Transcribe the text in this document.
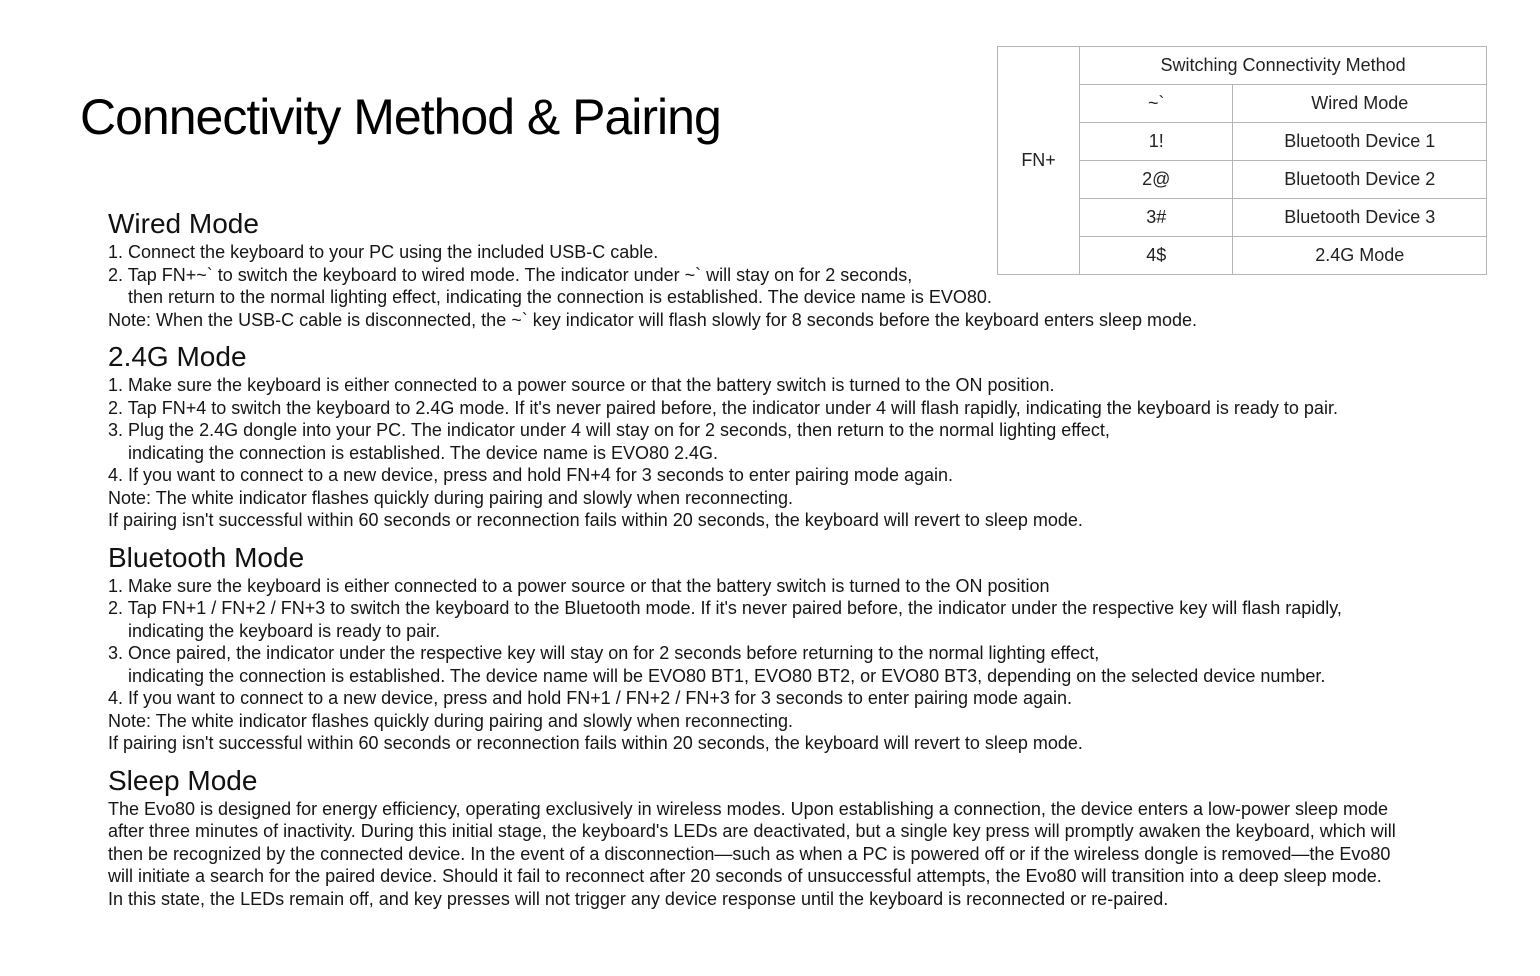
Connectivity Method & Pairing
FN+	Switching Connectivity Method	
	~`	Wired Mode
	1!	Bluetooth Device 1
	2@	Bluetooth Device 2
	3#	Bluetooth Device 3
	4$	2.4G Mode
Wired Mode

1. Connect the keyboard to your PC using the included USB-C cable.

2. Tap FN+~` to switch the keyboard to wired mode. The indicator under ~` will stay on for 2 seconds,

then return to the normal lighting effect, indicating the connection is established. The device name is EVO80.

Note: When the USB-C cable is disconnected, the ~` key indicator will flash slowly for 8 seconds before the keyboard enters sleep mode.

2.4G Mode

1. Make sure the keyboard is either connected to a power source or that the battery switch is turned to the ON position.

2. Tap FN+4 to switch the keyboard to 2.4G mode. If it's never paired before, the indicator under 4 will flash rapidly, indicating the keyboard is ready to pair.

3. Plug the 2.4G dongle into your PC. The indicator under 4 will stay on for 2 seconds, then return to the normal lighting effect,

indicating the connection is established. The device name is EVO80 2.4G.

4. If you want to connect to a new device, press and hold FN+4 for 3 seconds to enter pairing mode again.

Note: The white indicator flashes quickly during pairing and slowly when reconnecting.

If pairing isn't successful within 60 seconds or reconnection fails within 20 seconds, the keyboard will revert to sleep mode.

Bluetooth Mode

1. Make sure the keyboard is either connected to a power source or that the battery switch is turned to the ON position

2. Tap FN+1 / FN+2 / FN+3 to switch the keyboard to the Bluetooth mode. If it's never paired before, the indicator under the respective key will flash rapidly,

indicating the keyboard is ready to pair.

3. Once paired, the indicator under the respective key will stay on for 2 seconds before returning to the normal lighting effect,

indicating the connection is established. The device name will be EVO80 BT1, EVO80 BT2, or EVO80 BT3, depending on the selected device number.

4. If you want to connect to a new device, press and hold FN+1 / FN+2 / FN+3 for 3 seconds to enter pairing mode again.

Note: The white indicator flashes quickly during pairing and slowly when reconnecting.

If pairing isn't successful within 60 seconds or reconnection fails within 20 seconds, the keyboard will revert to sleep mode.

Sleep Mode

The Evo80 is designed for energy efficiency, operating exclusively in wireless modes. Upon establishing a connection, the device enters a low-power sleep mode

after three minutes of inactivity. During this initial stage, the keyboard's LEDs are deactivated, but a single key press will promptly awaken the keyboard, which will

then be recognized by the connected device. In the event of a disconnection—such as when a PC is powered off or if the wireless dongle is removed—the Evo80

will initiate a search for the paired device. Should it fail to reconnect after 20 seconds of unsuccessful attempts, the Evo80 will transition into a deep sleep mode.

In this state, the LEDs remain off, and key presses will not trigger any device response until the keyboard is reconnected or re-paired.
